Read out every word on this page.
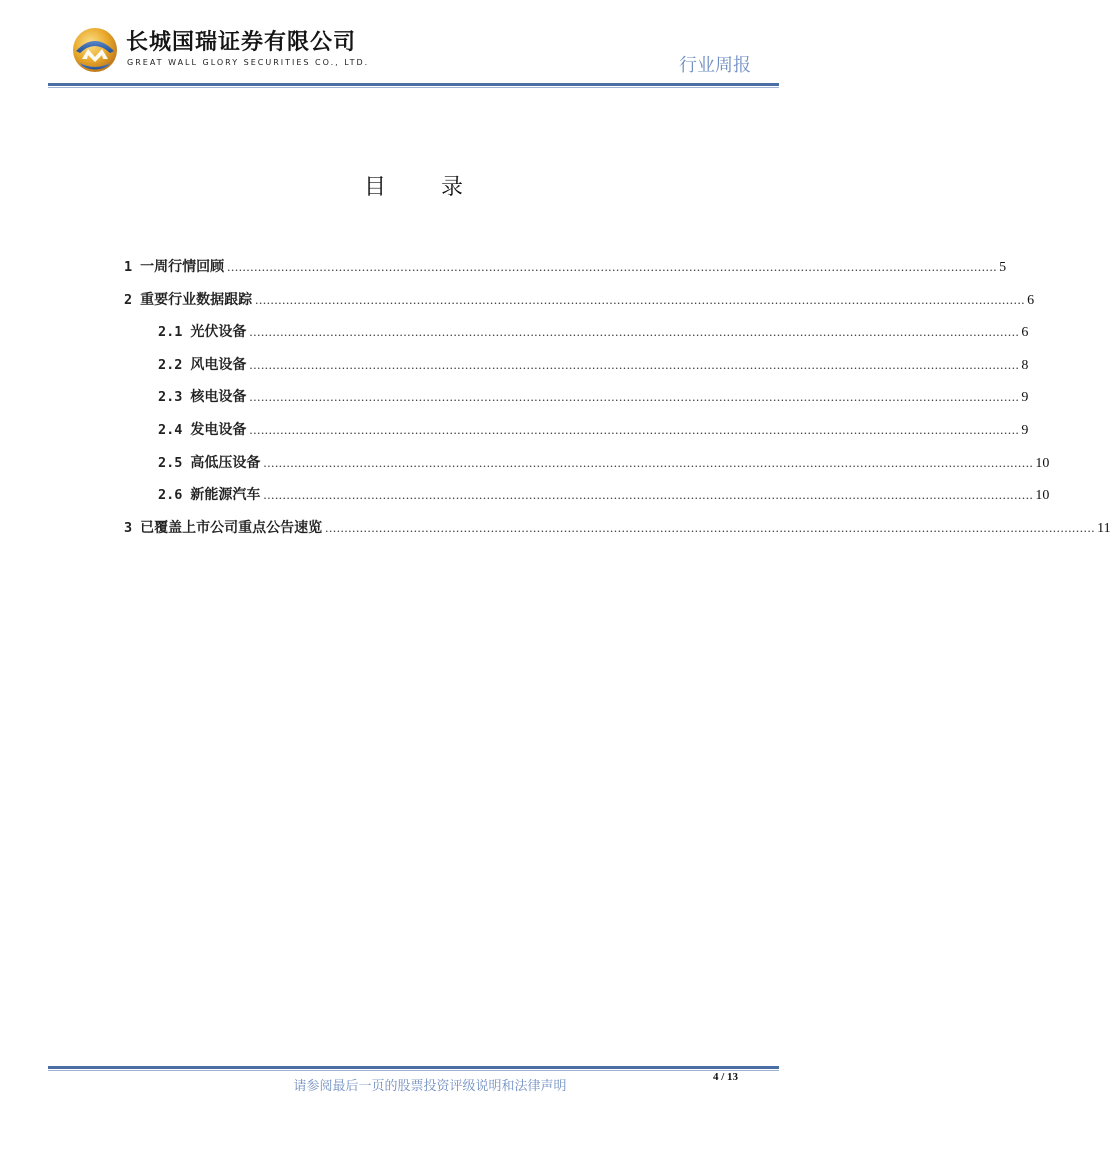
长城国瑞证券有限公司
GREAT WALL GLORY SECURITIES CO., LTD.	行业周报
目 录
1 一周行情回顾 ........................................................................................................................................................................................................ 5
2 重要行业数据跟踪 ........................................................................................................................................................................................................ 6
2.1 光伏设备 ........................................................................................................................................................................................................ 6
2.2 风电设备 ........................................................................................................................................................................................................ 8
2.3 核电设备 ........................................................................................................................................................................................................ 9
2.4 发电设备 ........................................................................................................................................................................................................ 9
2.5 高低压设备 ........................................................................................................................................................................................................ 10
2.6 新能源汽车 ........................................................................................................................................................................................................ 10
3 已覆盖上市公司重点公告速览 ........................................................................................................................................................................................................ 11
请参阅最后一页的股票投资评级说明和法律声明
4 / 13
